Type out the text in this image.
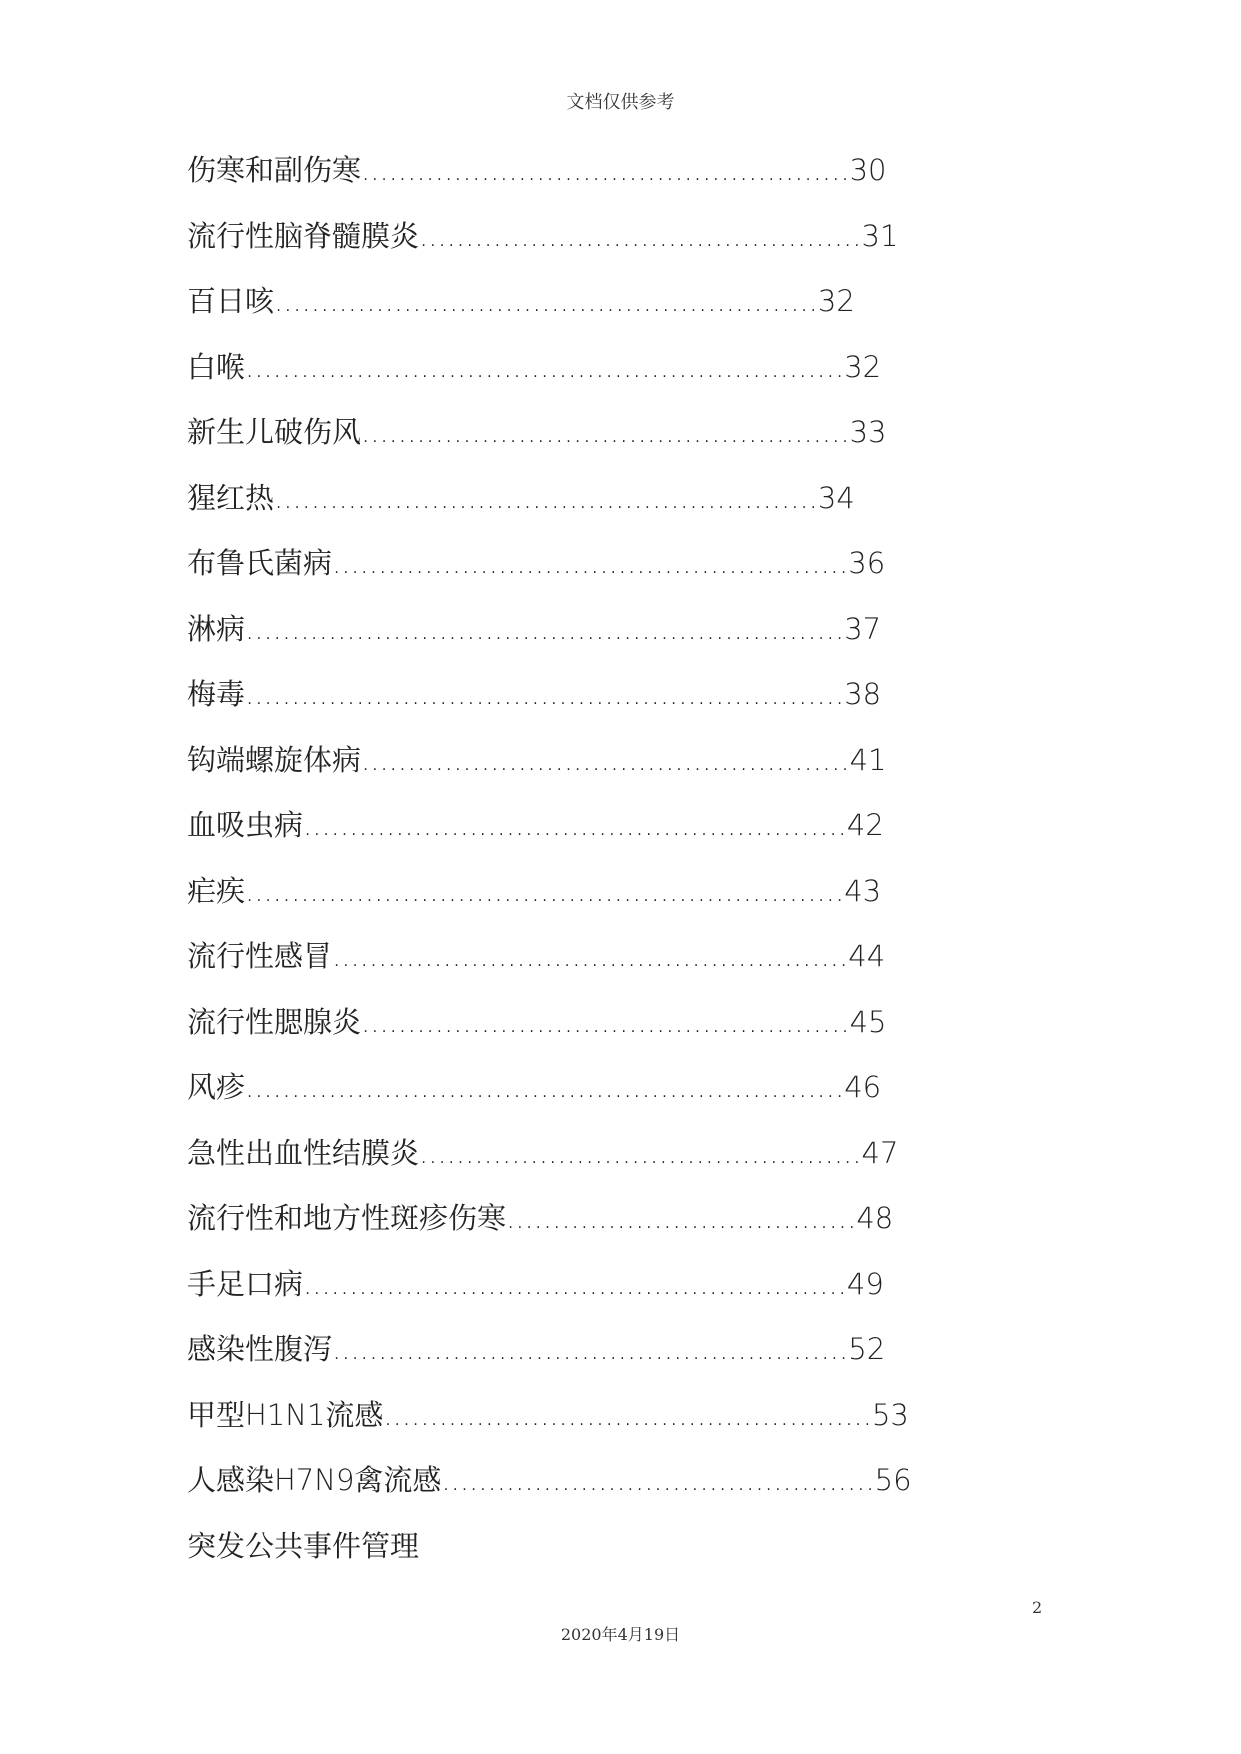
文档仅供参考
伤寒和副伤寒 ..................................................... 30
流行性脑脊髓膜炎 ................................................ 31
百日咳 ........................................................... 32
白喉 ................................................................. 32
新生儿破伤风 ..................................................... 33
猩红热 ........................................................... 34
布鲁氏菌病 ........................................................ 36
淋病 ................................................................. 37
梅毒 ................................................................. 38
钩端螺旋体病 ..................................................... 41
血吸虫病 ........................................................... 42
疟疾 ................................................................. 43
流行性感冒 ........................................................ 44
流行性腮腺炎 ..................................................... 45
风疹 ................................................................. 46
急性出血性结膜炎 ................................................ 47
流行性和地方性斑疹伤寒 ...................................... 48
手足口病 ........................................................... 49
感染性腹泻 ........................................................ 52
甲型H1N1流感 ..................................................... 53
人感染H7N9禽流感 ............................................... 56
突发公共事件管理
2
2020年4月19日
